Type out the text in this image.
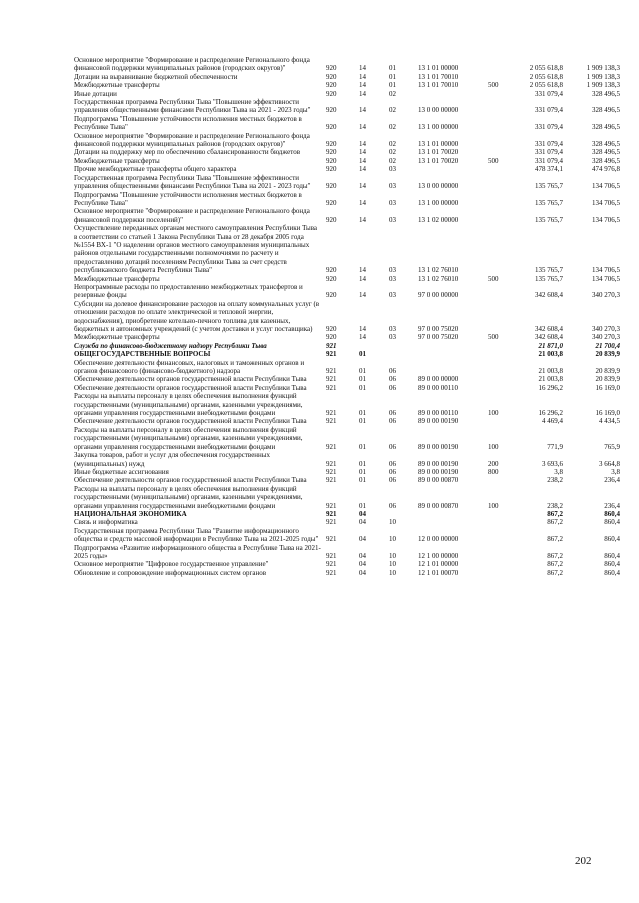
Основное мероприятие "Формирование и распределение Регионального фонда финансовой поддержки муниципальных районов (городских округов)"	920	14	01	13 1 01 00000	2 055 618,8	1 909 138,3
Дотации на выравнивание бюджетной обеспеченности	920	14	01	13 1 01 70010	2 055 618,8	1 909 138,3
Межбюджетные трансферты	920	14	01	13 1 01 70010	500	2 055 618,8	1 909 138,3
Иные дотации	920	14	02	331 079,4	328 496,5
Государственная программа Республики Тыва "Повышение эффективности управления общественными финансами Республики Тыва на 2021 - 2023 годы"	920	14	02	13 0 00 00000	331 079,4	328 496,5
Подпрограмма "Повышение устойчивости исполнения местных бюджетов в Республике Тыва"	920	14	02	13 1 00 00000	331 079,4	328 496,5
Основное мероприятие "Формирование и распределение Регионального фонда финансовой поддержки муниципальных районов (городских округов)"	920	14	02	13 1 01 00000	331 079,4	328 496,5
Дотации на поддержку мер по обеспечению сбалансированности бюджетов	920	14	02	13 1 01 70020	331 079,4	328 496,5
Межбюджетные трансферты	920	14	02	13 1 01 70020	500	331 079,4	328 496,5
Прочие межбюджетные трансферты общего характера	920	14	03	478 374,1	474 976,8
Государственная программа Республики Тыва "Повышение эффективности управления общественными финансами Республики Тыва на 2021 - 2023 годы"	920	14	03	13 0 00 00000	135 765,7	134 706,5
Подпрограмма "Повышение устойчивости исполнения местных бюджетов в Республике Тыва"	920	14	03	13 1 00 00000	135 765,7	134 706,5
Основное мероприятие "Формирование и распределение Регионального фонда финансовой поддержки поселений)"	920	14	03	13 1 02 00000	135 765,7	134 706,5
Осуществление переданных органам местного самоуправления Республики Тыва в соответствии со статьей 1 Закона Республики Тыва от 28 декабря 2005 года №1554 ВХ-1 "О наделении органов местного самоуправления муниципальных районов отдельными государственными полномочиями по расчету и предоставлению дотаций поселениям Республики Тыва за счет средств республиканского бюджета Республики Тыва"	920	14	03	13 1 02 76010	135 765,7	134 706,5
Межбюджетные трансферты	920	14	03	13 1 02 76010	500	135 765,7	134 706,5
Непрограммные расходы по предоставлению межбюджетных трансфертов и резервные фонды	920	14	03	97 0 00 00000	342 608,4	340 270,3
Субсидии на долевое финансирование расходов на оплату коммунальных услуг (в отношении расходов по оплате электрической и тепловой энергии, водоснабжения), приобретение котельно-печного топлива для казенных, бюджетных и автономных учреждений (с учетом доставки и услуг поставщика)	920	14	03	97 0 00 75020	342 608,4	340 270,3
Межбюджетные трансферты	920	14	03	97 0 00 75020	500	342 608,4	340 270,3
Служба по финансово-бюджетному надзору Республики Тыва	921	21 871,0	21 700,4
ОБЩЕГОСУДАРСТВЕННЫЕ ВОПРОСЫ	921	01	21 003,8	20 839,9
Обеспечение деятельности финансовых, налоговых и таможенных органов и органов финансового (финансово-бюджетного) надзора	921	01	06	21 003,8	20 839,9
Обеспечение деятельности органов государственной власти Республики Тыва	921	01	06	89 0 00 00000	21 003,8	20 839,9
Обеспечение деятельности органов государственной власти Республики Тыва	921	01	06	89 0 00 00110	16 296,2	16 169,0
Расходы на выплаты персоналу в целях обеспечения выполнения функций государственными (муниципальными) органами, казенными учреждениями, органами управления государственными внебюджетными фондами	921	01	06	89 0 00 00110	100	16 296,2	16 169,0
Обеспечение деятельности органов государственной власти Республики Тыва	921	01	06	89 0 00 00190	4 469,4	4 434,5
Расходы на выплаты персоналу в целях обеспечения выполнения функций государственными (муниципальными) органами, казенными учреждениями, органами управления государственными внебюджетными фондами	921	01	06	89 0 00 00190	100	771,9	765,9
Закупка товаров, работ и услуг для обеспечения государственных (муниципальных) нужд	921	01	06	89 0 00 00190	200	3 693,6	3 664,8
Иные бюджетные ассигнования	921	01	06	89 0 00 00190	800	3,8	3,8
Обеспечение деятельности органов государственной власти Республики Тыва	921	01	06	89 0 00 00870	238,2	236,4
Расходы на выплаты персоналу в целях обеспечения выполнения функций государственными (муниципальными) органами, казенными учреждениями, органами управления государственными внебюджетными фондами	921	01	06	89 0 00 00870	100	238,2	236,4
НАЦИОНАЛЬНАЯ ЭКОНОМИКА	921	04	867,2	860,4
Связь и информатика	921	04	10	867,2	860,4
Государственная программа Республики Тыва "Развитие информационного общества и средств массовой информации в Республике Тыва на 2021-2025 годы"	921	04	10	12 0 00 00000	867,2	860,4
Подпрограмма «Развитие информационного общества в Республике Тыва на 2021-2025 годы»	921	04	10	12 1 00 00000	867,2	860,4
Основное мероприятие "Цифровое государственное управление"	921	04	10	12 1 01 00000	867,2	860,4
Обновление и сопровождение информационных систем органов	921	04	10	12 1 01 00070	867,2	860,4
202
